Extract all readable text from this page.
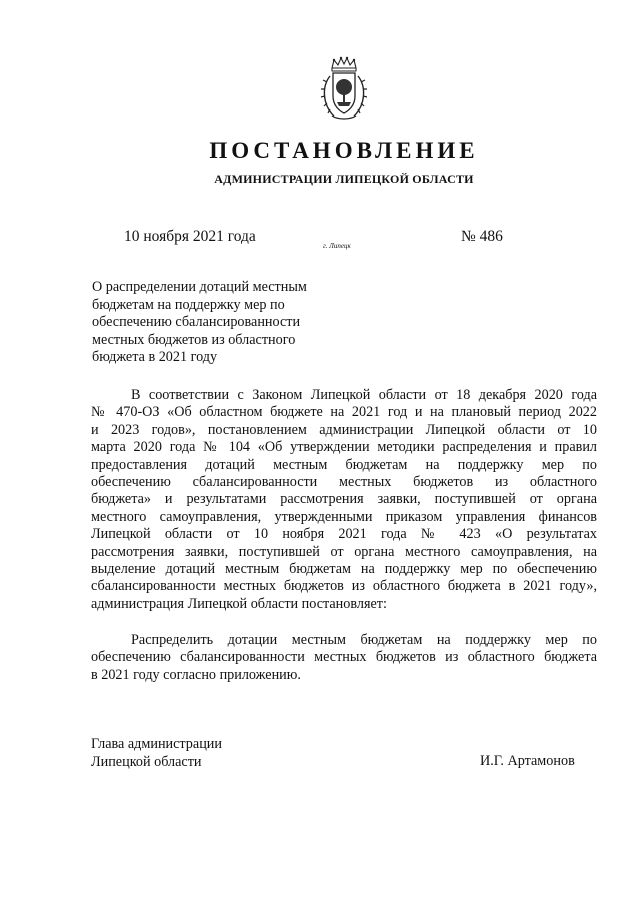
ПОСТАНОВЛЕНИЕ
АДМИНИСТРАЦИИ ЛИПЕЦКОЙ ОБЛАСТИ
10 ноября 2021 года
г. Липецк
№ 486
О распределении дотаций местным
бюджетам на поддержку мер по
обеспечению сбалансированности
местных бюджетов из областного
бюджета в 2021 году
В соответствии с Законом Липецкой области от 18 декабря 2020 года
№ 470-ОЗ «Об областном бюджете на 2021 год и на плановый период 2022
и 2023 годов», постановлением администрации Липецкой области от 10
марта 2020 года № 104 «Об утверждении методики распределения и правил
предоставления дотаций местным бюджетам на поддержку мер по
обеспечению сбалансированности местных бюджетов из областного
бюджета» и результатами рассмотрения заявки, поступившей от органа
местного самоуправления, утвержденными приказом управления финансов
Липецкой области от 10 ноября 2021 года № 423 «О результатах
рассмотрения заявки, поступившей от органа местного самоуправления, на
выделение дотаций местным бюджетам на поддержку мер по обеспечению
сбалансированности местных бюджетов из областного бюджета в 2021 году»,
администрация Липецкой области постановляет:
Распределить дотации местным бюджетам на поддержку мер по
обеспечению сбалансированности местных бюджетов из областного бюджета
в 2021 году согласно приложению.
Глава администрации
Липецкой области	И.Г. Артамонов
